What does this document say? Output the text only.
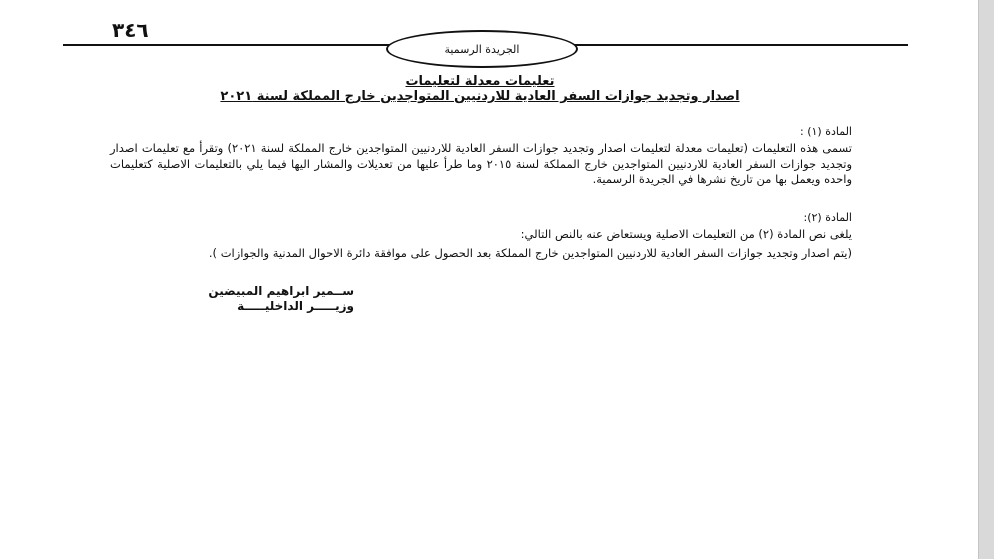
٣٤٦
الجريدة الرسمية
تعليمات معدلة لتعليمات
اصدار وتجديد جوازات السفر العادية للاردنيين المتواجدين خارج المملكة لسنة ٢٠٢١
المادة (١) :
تسمى هذه التعليمات (تعليمات معدلة لتعليمات اصدار وتجديد جوازات السفر العادية للاردنيين المتواجدين خارج المملكة لسنة ٢٠٢١) وتقرأ مع تعليمات اصدار وتجديد جوازات السفر العادية للاردنيين المتواجدين خارج المملكة لسنة ٢٠١٥ وما طرأ عليها من تعديلات والمشار اليها فيما يلي بالتعليمات الاصلية كتعليمات واحده ويعمل بها من تاريخ نشرها في الجريدة الرسمية.
المادة (٢):
يلغى نص المادة (٢) من التعليمات الاصلية ويستعاض عنه بالنص التالي:
(يتم اصدار وتجديد جوازات السفر العادية للاردنيين المتواجدين خارج المملكة بعد الحصول على موافقة دائرة الاحوال المدنية والجوازات ).
ســمير ابراهيم المبيضين
وزيـــــر الداخليـــــة
